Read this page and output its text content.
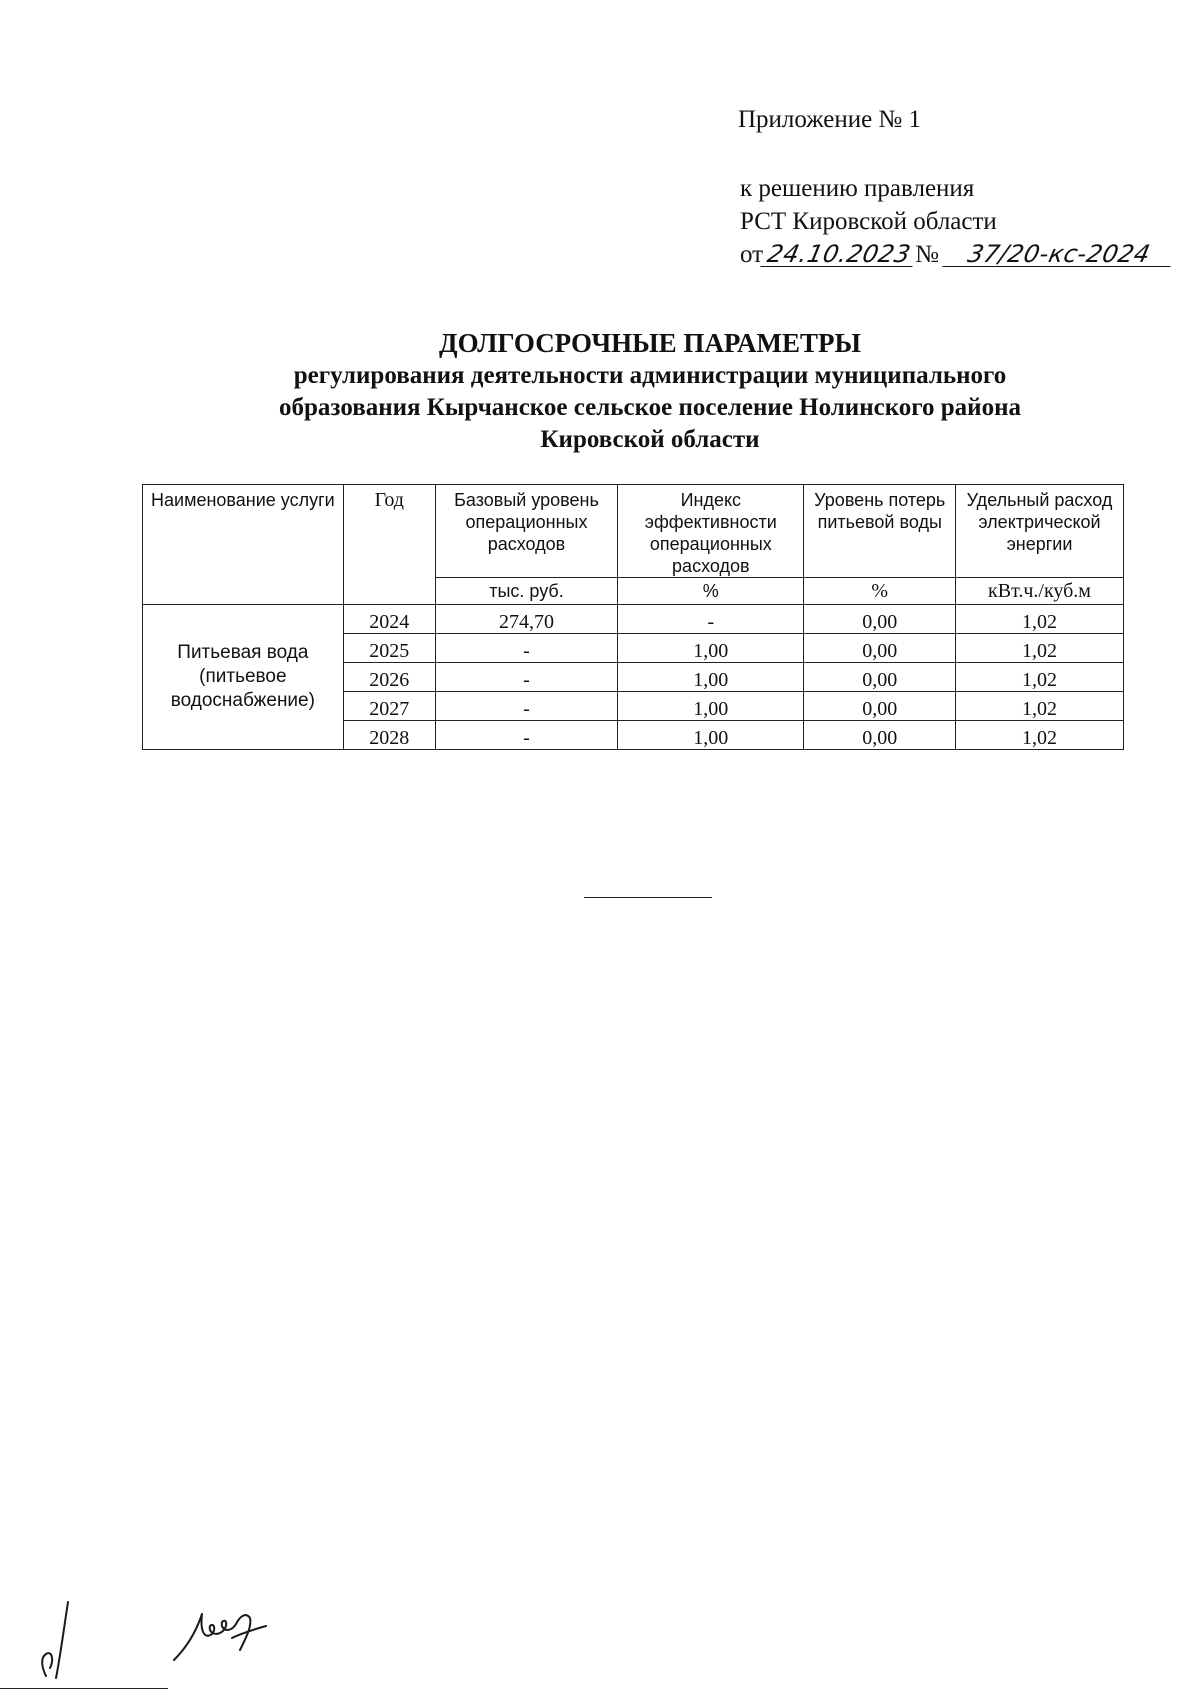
Приложение № 1
к решению правления
РСТ Кировской области
от24.10.2023№ 37/20-кс-2024
ДОЛГОСРОЧНЫЕ ПАРАМЕТРЫ
регулирования деятельности администрации муниципального
образования Кырчанское сельское поселение Нолинского района
Кировской области
Наименование услуги	Год	Базовый уровень операционных расходов	Индекс эффективности операционных расходов	Уровень потерь питьевой воды	Удельный расход электрической энергии
		тыс. руб.	%	%	кВт.ч./куб.м
Питьевая вода (питьевое водоснабжение)	2024	274,70	-	0,00	1,02
	2025	-	1,00	0,00	1,02
	2026	-	1,00	0,00	1,02
	2027	-	1,00	0,00	1,02
	2028	-	1,00	0,00	1,02
